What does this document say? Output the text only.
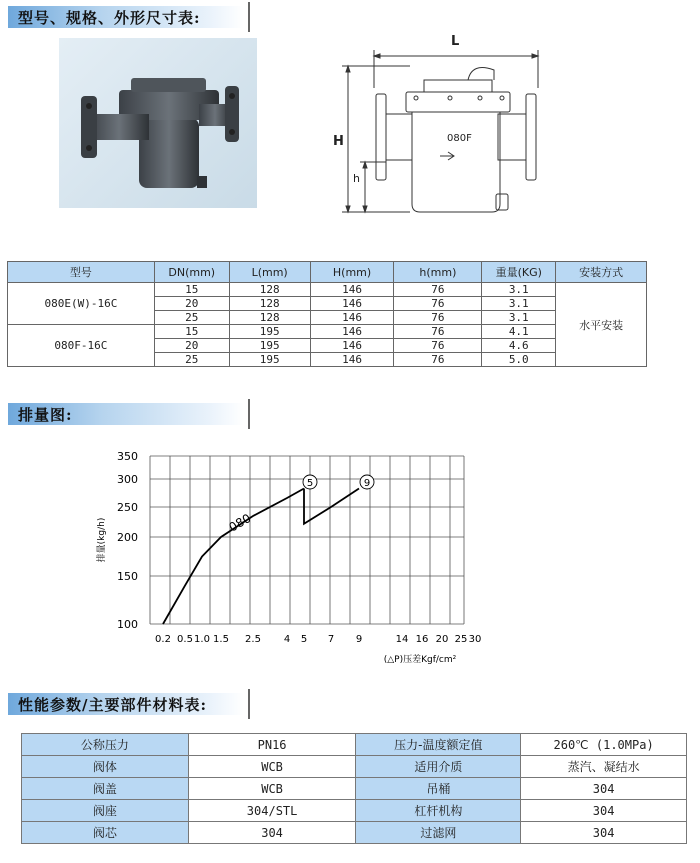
型号、规格、外形尺寸表:
L
H
h
080F
型号	DN(mm)	L(mm)	H(mm)	h(mm)	重量(KG)	安装方式
080E(W)-16C	15	128	146	76	3.1	水平安装
	20	128	146	76	3.1	
	25	128	146	76	3.1	
080F-16C	15	195	146	76	4.1	
	20	195	146	76	4.6	
	25	195	146	76	5.0	
排量图:
100
150
200
250
300
350
0.2 0.5 1.0 1.5 2.5 4 5 7 9	14 16 20 25 30
排量(kg/h)
(△P)压差Kgf/cm²
080
5	9
性能参数/主要部件材料表:
公称压力	PN16	压力-温度额定值	260℃ (1.0MPa)
阀体	WCB	适用介质	蒸汽、凝结水
阀盖	WCB	吊桶	304
阀座	304/STL	杠杆机构	304
阀芯	304	过滤网	304
